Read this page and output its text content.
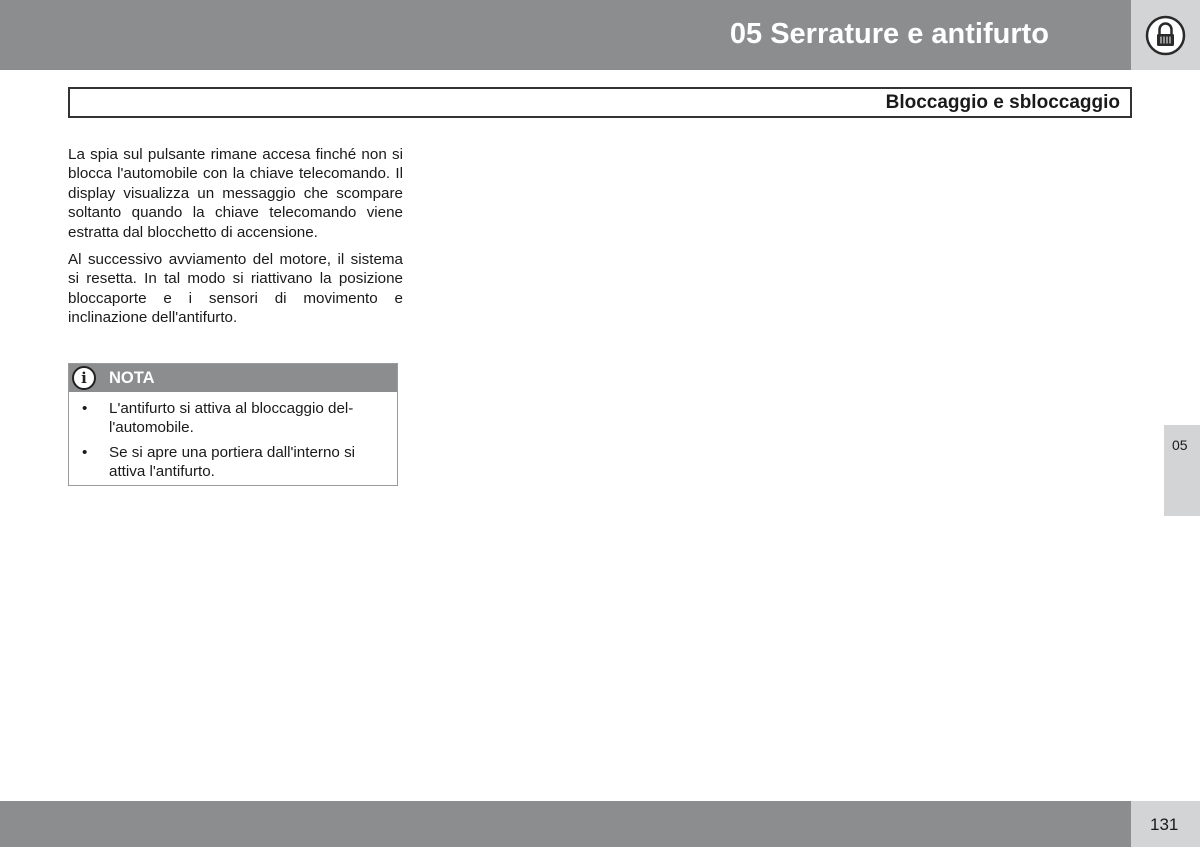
05 Serrature e antifurto
Bloccaggio e sbloccaggio

La spia sul pulsante rimane accesa finché non si blocca l'automobile con la chiave telecomando. Il display visualizza un messaggio che scompare soltanto quando la chiave telecomando viene estratta dal blocchetto di accensione.

Al successivo avviamento del motore, il sistema si resetta. In tal modo si riattivano la posizione bloccaporte e i sensori di movimento e inclinazione dell'antifurto.

i	NOTA
• L'antifurto si attiva al bloccaggio dell'automobile.
• Se si apre una portiera dall'interno si attiva l'antifurto.
05
131
